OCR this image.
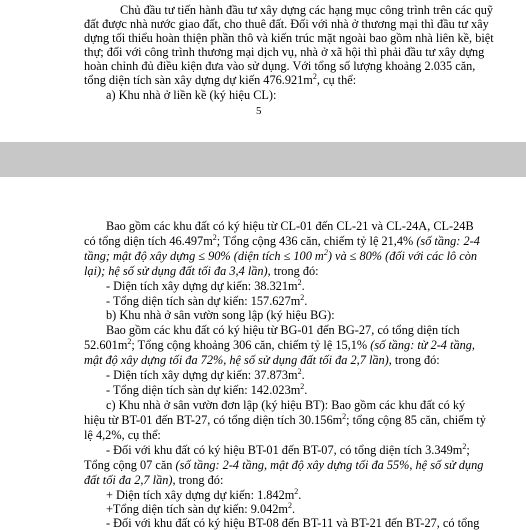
Chủ đầu tư tiến hành đầu tư xây dựng các hạng mục công trình trên các quỹ
đất được nhà nước giao đất, cho thuê đất. Đối với nhà ở thương mại thì đầu tư xây
dựng tối thiểu hoàn thiện phần thô và kiến trúc mặt ngoài bao gồm nhà liên kề, biệt
thự; đối với công trình thương mại dịch vụ, nhà ở xã hội thì phải đầu tư xây dựng
hoàn chỉnh đủ điều kiện đưa vào sử dụng. Với tổng số lượng khoảng 2.035 căn,
tổng diện tích sàn xây dựng dự kiến $476.921m^2$, cụ thể:
a) Khu nhà ở liền kề (ký hiệu CL):
5
Bao gồm các khu đất có ký hiệu từ CL-01 đến CL-21 và CL-24A, CL-24B
có tổng diện tích $46.497m^2$; Tổng cộng 436 căn, chiếm tỷ lệ 21,4% (số tầng: 2-4
tầng; mật độ xây dựng ≤ 90% (diện tích ≤ 100 $m^2$) và ≤ 80% (đối với các lô còn
lại); hệ số sử dụng đất tối đa 3,4 lần), trong đó:
- Diện tích xây dựng dự kiến: $38.321m^2$.
- Tổng diện tích sàn dự kiến: $157.627m^2$.
b) Khu nhà ở sân vườn song lập (ký hiệu BG):
Bao gồm các khu đất có ký hiệu từ BG-01 đến BG-27, có tổng diện tích
$52.601m^2$; Tổng cộng khoảng 306 căn, chiếm tỷ lệ 15,1% (số tầng: từ 2-4 tầng,
mật độ xây dựng tối đa 72%, hệ số sử dụng đất tối đa 2,7 lần), trong đó:
- Diện tích xây dựng dự kiến: $37.873m^2$.
- Tổng diện tích sàn dự kiến: $142.023m^2$.
c) Khu nhà ở sân vườn đơn lập (ký hiệu BT): Bao gồm các khu đất có ký
hiệu từ BT-01 đến BT-27, có tổng diện tích $30.156m^2$; tổng cộng 85 căn, chiếm tỷ
lệ 4,2%, cụ thể:
- Đối với khu đất có ký hiệu BT-01 đến BT-07, có tổng diện tích $3.349m^2$;
Tổng cộng 07 căn (số tầng: 2-4 tầng, mật độ xây dựng tối đa 55%, hệ số sử dụng
đất tối đa 2,7 lần), trong đó:
+ Diện tích xây dựng dự kiến: $1.842m^2$.
+Tổng diện tích sàn dự kiến: $9.042m^2$.
- Đối với khu đất có ký hiệu BT-08 đến BT-11 và BT-21 đến BT-27, có tổng
